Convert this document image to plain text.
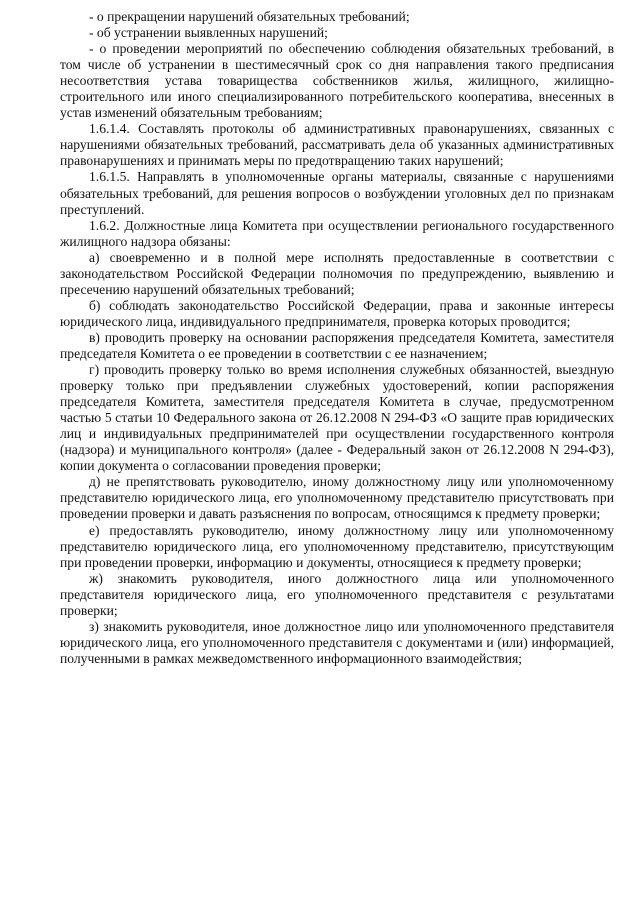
- о прекращении нарушений обязательных требований;

- об устранении выявленных нарушений;

- о проведении мероприятий по обеспечению соблюдения обязательных требований, в том числе об устранении в шестимесячный срок со дня направления такого предписания несоответствия устава товарищества собственников жилья, жилищного, жилищно-строительного или иного специализированного потребительского кооператива, внесенных в устав изменений обязательным требованиям;

1.6.1.4. Составлять протоколы об административных правонарушениях, связанных с нарушениями обязательных требований, рассматривать дела об указанных административных правонарушениях и принимать меры по предотвращению таких нарушений;

1.6.1.5. Направлять в уполномоченные органы материалы, связанные с нарушениями обязательных требований, для решения вопросов о возбуждении уголовных дел по признакам преступлений.

1.6.2. Должностные лица Комитета при осуществлении регионального государственного жилищного надзора обязаны:

а) своевременно и в полной мере исполнять предоставленные в соответствии с законодательством Российской Федерации полномочия по предупреждению, выявлению и пресечению нарушений обязательных требований;

б) соблюдать законодательство Российской Федерации, права и законные интересы юридического лица, индивидуального предпринимателя, проверка которых проводится;

в) проводить проверку на основании распоряжения председателя Комитета, заместителя председателя Комитета о ее проведении в соответствии с ее назначением;

г) проводить проверку только во время исполнения служебных обязанностей, выездную проверку только при предъявлении служебных удостоверений, копии распоряжения председателя Комитета, заместителя председателя Комитета в случае, предусмотренном частью 5 статьи 10 Федерального закона от 26.12.2008 N 294-ФЗ «О защите прав юридических лиц и индивидуальных предпринимателей при осуществлении государственного контроля (надзора) и муниципального контроля» (далее - Федеральный закон от 26.12.2008 N 294-ФЗ), копии документа о согласовании проведения проверки;

д) не препятствовать руководителю, иному должностному лицу или уполномоченному представителю юридического лица, его уполномоченному представителю присутствовать при проведении проверки и давать разъяснения по вопросам, относящимся к предмету проверки;

е) предоставлять руководителю, иному должностному лицу или уполномоченному представителю юридического лица, его уполномоченному представителю, присутствующим при проведении проверки, информацию и документы, относящиеся к предмету проверки;

ж) знакомить руководителя, иного должностного лица или уполномоченного представителя юридического лица, его уполномоченного представителя с результатами проверки;

з) знакомить руководителя, иное должностное лицо или уполномоченного представителя юридического лица, его уполномоченного представителя с документами и (или) информацией, полученными в рамках межведомственного информационного взаимодействия;
